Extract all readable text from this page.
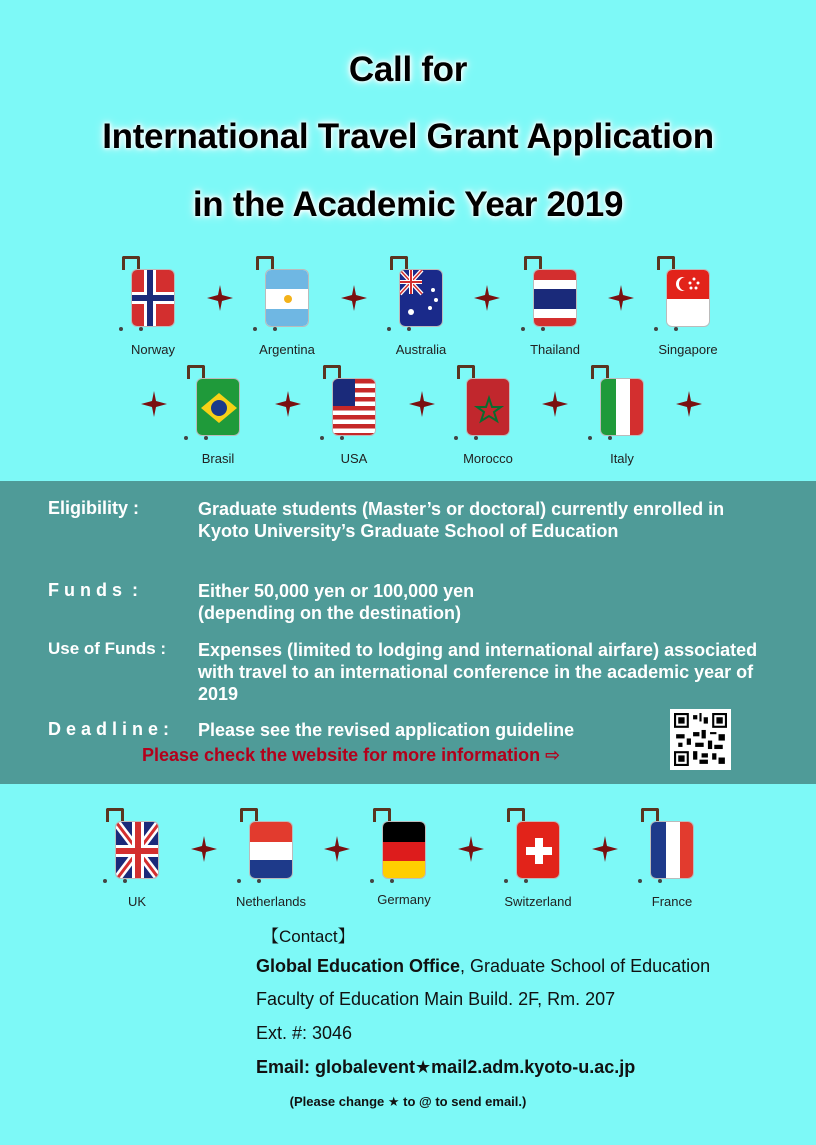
Call for
International Travel Grant Application
in the Academic Year 2019
Norway	Argentina	Australia	Thailand	Singapore
Brasil	USA	Morocco	Italy
Eligibility :	Graduate students (Master’s or doctoral) currently enrolled in Kyoto University’s Graduate School of Education
F u n d s  :	Either 50,000 yen or 100,000 yen
(depending on the destination)
Use of Funds : Expenses (limited to lodging and international airfare) associated with travel to an international conference in the academic year of 2019
D e a d l i n e : Please see the revised application guideline
Please check the website for more information ⇨
UK	Netherlands	Germany	Switzerland	France
【Contact】
Global Education Office, Graduate School of Education
Faculty of Education Main Build. 2F, Rm. 207
Ext. #: 3046
Email: globalevent★mail2.adm.kyoto-u.ac.jp
(Please change ★ to @ to send email.)
